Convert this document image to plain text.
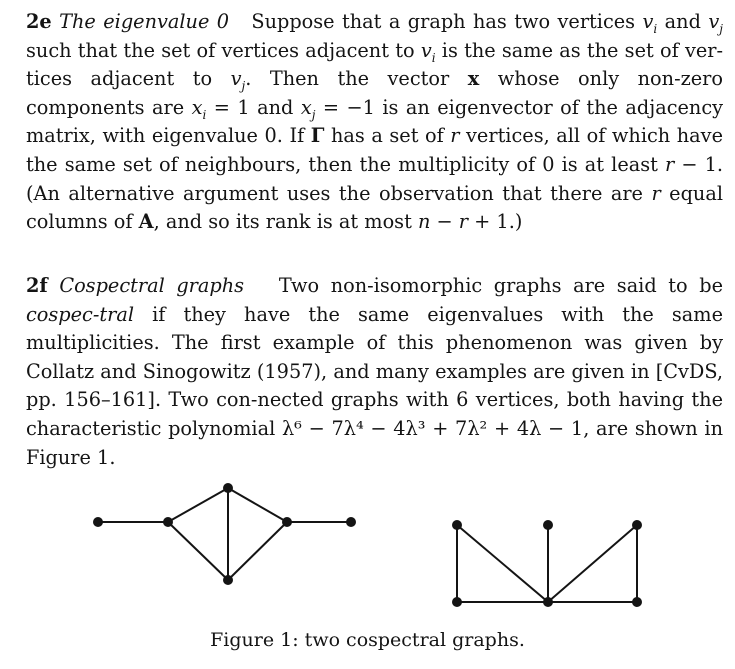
2e The eigenvalue 0 Suppose that a graph has two vertices $v_i$ and $v_j$ such that the set of vertices adjacent to $v_i$ is the same as the set of ver-tices adjacent to $v_j$. Then the vector x whose only non-zero components are $x_i = 1$ and $x_j = -1$ is an eigenvector of the adjacency matrix, with eigenvalue 0. If Γ has a set of r vertices, all of which have the same set of neighbours, then the multiplicity of 0 is at least r − 1. (An alternative argument uses the observation that there are r equal columns of A, and so its rank is at most n − r + 1.)

2f Cospectral graphs Two non-isomorphic graphs are said to be cospec-tral if they have the same eigenvalues with the same multiplicities. The first example of this phenomenon was given by Collatz and Sinogowitz (1957), and many examples are given in [CvDS, pp. 156–161]. Two con-nected graphs with 6 vertices, both having the characteristic polynomial λ⁶ − 7λ⁴ − 4λ³ + 7λ² + 4λ − 1, are shown in Figure 1.

Figure 1: two cospectral graphs.
